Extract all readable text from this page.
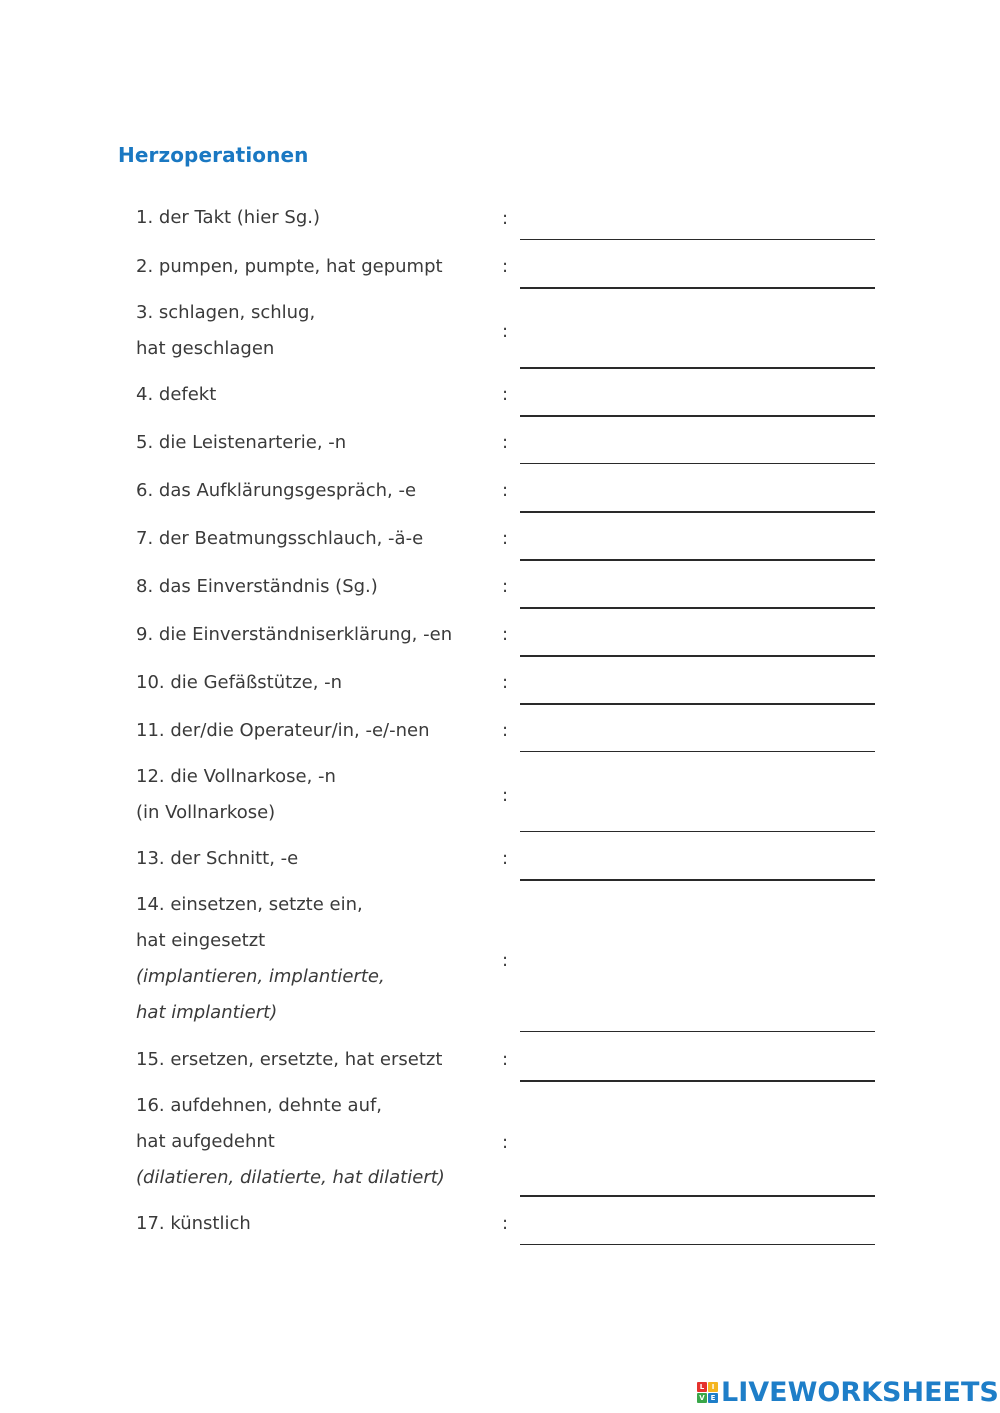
Herzoperationen
1. der Takt (hier Sg.)	:
2. pumpen, pumpte, hat gepumpt	:
3. schlagen, schlug,
hat geschlagen
:
4. defekt	:
5. die Leistenarterie, -n	:
6. das Aufklärungsgespräch, -e	:
7. der Beatmungsschlauch, -ä-e	:
8. das Einverständnis (Sg.)	:
9. die Einverständniserklärung, -en	:
10. die Gefäßstütze, -n	:
11. der/die Operateur/in, -e/-nen	:
12. die Vollnarkose, -n
(in Vollnarkose)
:
13. der Schnitt, -e	:
14. einsetzen, setzte ein,
hat eingesetzt
(implantieren, implantierte,
hat implantiert)
:
15. ersetzen, ersetzte, hat ersetzt	:
16. aufdehnen, dehnte auf,
hat aufgedehnt
(dilatieren, dilatierte, hat dilatiert)
:
17. künstlich	:
L	I
V E LIVEWORKSHEETS
